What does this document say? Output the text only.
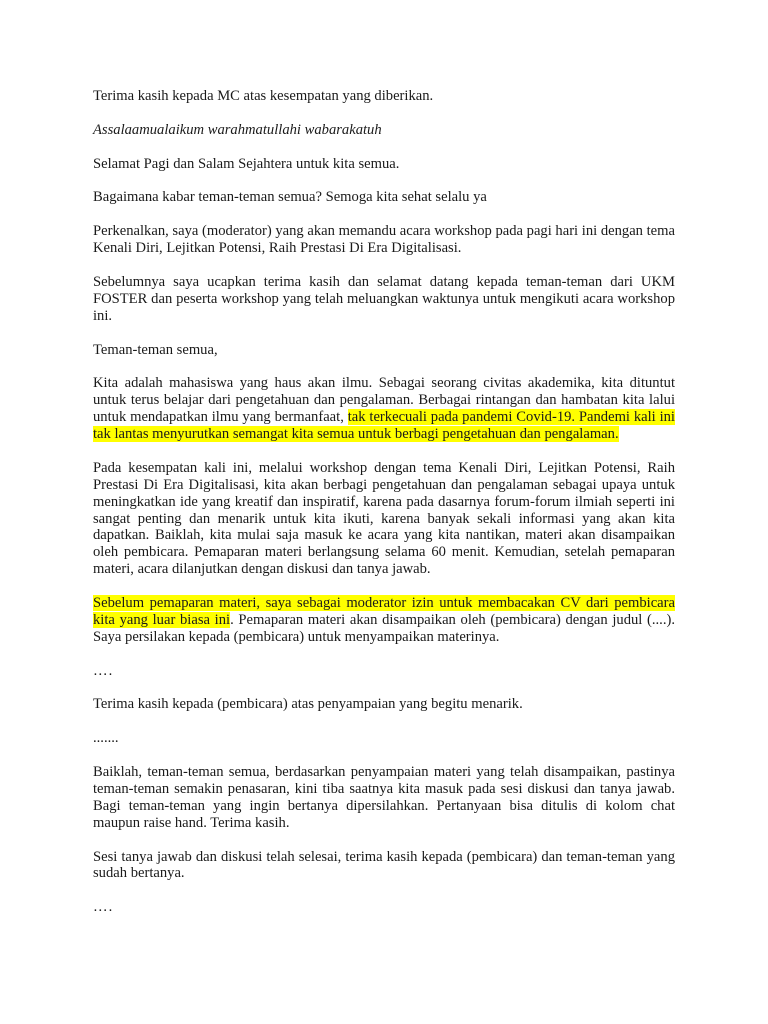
Terima kasih kepada MC atas kesempatan yang diberikan.

Assalaamualaikum warahmatullahi wabarakatuh

Selamat Pagi dan Salam Sejahtera untuk kita semua.

Bagaimana kabar teman-teman semua? Semoga kita sehat selalu ya

Perkenalkan, saya (moderator) yang akan memandu acara workshop pada pagi hari ini dengan tema Kenali Diri, Lejitkan Potensi, Raih Prestasi Di Era Digitalisasi.

Sebelumnya saya ucapkan terima kasih dan selamat datang kepada teman-teman dari UKM FOSTER dan peserta workshop yang telah meluangkan waktunya untuk mengikuti acara workshop ini.

Teman-teman semua,

Kita adalah mahasiswa yang haus akan ilmu. Sebagai seorang civitas akademika, kita dituntut untuk terus belajar dari pengetahuan dan pengalaman. Berbagai rintangan dan hambatan kita lalui untuk mendapatkan ilmu yang bermanfaat, tak terkecuali pada pandemi Covid-19. Pandemi kali ini tak lantas menyurutkan semangat kita semua untuk berbagi pengetahuan dan pengalaman.

Pada kesempatan kali ini, melalui workshop dengan tema Kenali Diri, Lejitkan Potensi, Raih Prestasi Di Era Digitalisasi, kita akan berbagi pengetahuan dan pengalaman sebagai upaya untuk meningkatkan ide yang kreatif dan inspiratif, karena pada dasarnya forum-forum ilmiah seperti ini sangat penting dan menarik untuk kita ikuti, karena banyak sekali informasi yang akan kita dapatkan. Baiklah, kita mulai saja masuk ke acara yang kita nantikan, materi akan disampaikan oleh pembicara. Pemaparan materi berlangsung selama 60 menit. Kemudian, setelah pemaparan materi, acara dilanjutkan dengan diskusi dan tanya jawab.

Sebelum pemaparan materi, saya sebagai moderator izin untuk membacakan CV dari pembicara kita yang luar biasa ini. Pemaparan materi akan disampaikan oleh (pembicara) dengan judul (....). Saya persilakan kepada (pembicara) untuk menyampaikan materinya.

….

Terima kasih kepada (pembicara) atas penyampaian yang begitu menarik.

.......

Baiklah, teman-teman semua, berdasarkan penyampaian materi yang telah disampaikan, pastinya teman-teman semakin penasaran, kini tiba saatnya kita masuk pada sesi diskusi dan tanya jawab. Bagi teman-teman yang ingin bertanya dipersilahkan. Pertanyaan bisa ditulis di kolom chat maupun raise hand. Terima kasih.

Sesi tanya jawab dan diskusi telah selesai, terima kasih kepada (pembicara) dan teman-teman yang sudah bertanya.

….
